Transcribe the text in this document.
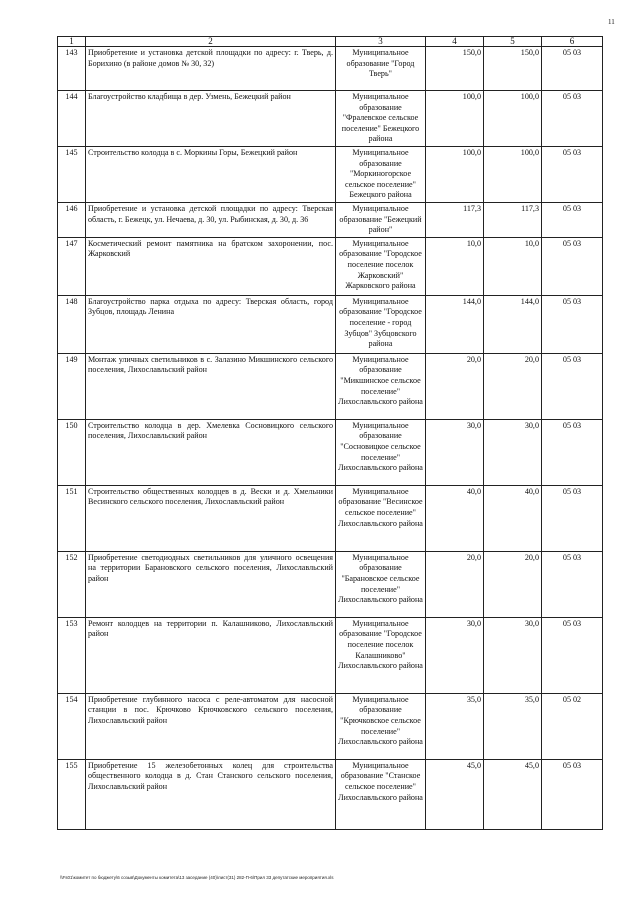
11
1	2	3	4	5	6
143	Приобретение и установка детской площадки по адресу: г. Тверь, д. Борихино (в районе домов № 30, 32)	Муниципальное образование "Город Тверь"	150,0	150,0	05 03
144	Благоустройство кладбища в дер. Узмень, Бежецкий район	Муниципальное образование "Фралевское сельское поселение" Бежецкого района	100,0	100,0	05 03
145	Строительство колодца в с. Моркины Горы, Бежецкий район	Муниципальное образование "Моркиногорское сельское поселение" Бежецкого района	100,0	100,0	05 03
146	Приобретение и установка детской площадки по адресу: Тверская область, г. Бежецк, ул. Нечаева, д. 30, ул. Рыбинская, д. 30, д. 36	Муниципальное образование "Бежецкий район"	117,3	117,3	05 03
147	Косметический ремонт памятника на братском захоронении, пос. Жарковский	Муниципальное образование "Городское поселение поселок Жарковский" Жарковского района	10,0	10,0	05 03
148	Благоустройство парка отдыха по адресу: Тверская область, город Зубцов, площадь Ленина	Муниципальное образование "Городское поселение - город Зубцов" Зубцовского района	144,0	144,0	05 03
149	Монтаж уличных светильников в с. Залазино Микшинского сельского поселения, Лихославльский район	Муниципальное образование "Микшинское сельское поселение" Лихославльского района	20,0	20,0	05 03
150	Строительство колодца в дер. Хмелевка Сосновицкого сельского поселения, Лихославльский район	Муниципальное образование "Сосновицкое сельское поселение" Лихославльского района	30,0	30,0	05 03
151	Строительство общественных колодцев в д. Вески и д. Хмельники Весинского сельского поселения, Лихославльский район	Муниципальное образование "Весинское сельское поселение" Лихославльского района	40,0	40,0	05 03
152	Приобретение светодиодных светильников для уличного освещения на территории Барановского сельского поселения, Лихославльский район	Муниципальное образование "Барановское сельское поселение" Лихославльского района	20,0	20,0	05 03
153	Ремонт колодцев на территории п. Калашниково, Лихославльский район	Муниципальное образование "Городское поселение поселок Калашниково" Лихославльского района	30,0	30,0	05 03
154	Приобретение глубинного насоса с реле-автоматом для насосной станции в пос. Крючково Крючковского сельского поселения, Лихославльский район	Муниципальное образование "Крючковское сельское поселение" Лихославльского района	35,0	35,0	05 02
155	Приобретение 15 железобетонных колец для строительства общественного колодца в д. Стан Станского сельского поселения, Лихославльский район	Муниципальное образование "Станское сельское поселение" Лихославльского района	45,0	45,0	05 03
\\Fs01\комитет по бюджету\6 созыв\Документы комитета\13 заседание (40)\лист(31) 282-П-6\Прил 33 депутатские мероприятия.xls
